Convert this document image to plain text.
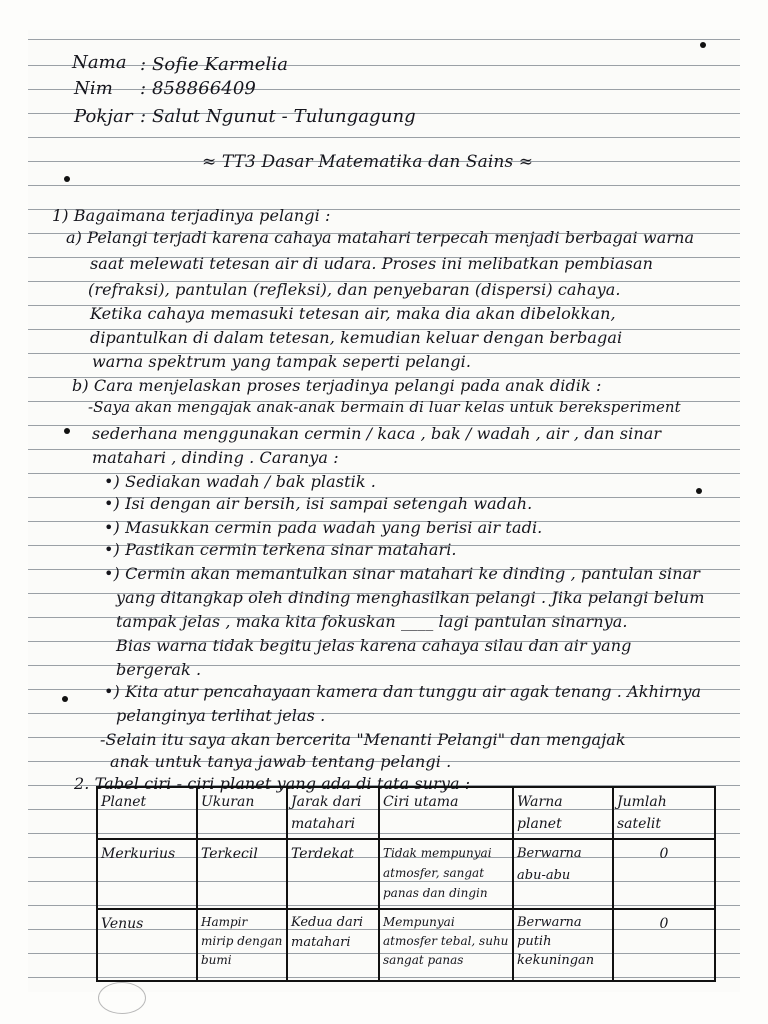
Nama : Sofie Karmelia
Nim : 858866409
Pokjar : Salut Ngunut - Tulungagung
≈ TT3 Dasar Matematika dan Sains ≈
1) Bagaimana terjadinya pelangi :
a) Pelangi terjadi karena cahaya matahari terpecah menjadi berbagai warna
saat melewati tetesan air di udara. Proses ini melibatkan pembiasan
(refraksi), pantulan (refleksi), dan penyebaran (dispersi) cahaya.
Ketika cahaya memasuki tetesan air, maka dia akan dibelokkan,
dipantulkan di dalam tetesan, kemudian keluar dengan berbagai
warna spektrum yang tampak seperti pelangi.
b) Cara menjelaskan proses terjadinya pelangi pada anak didik :
-Saya akan mengajak anak-anak bermain di luar kelas untuk bereksperiment
sederhana menggunakan cermin / kaca , bak / wadah , air , dan sinar
matahari , dinding . Caranya :
•) Sediakan wadah / bak plastik .
•) Isi dengan air bersih, isi sampai setengah wadah.
•) Masukkan cermin pada wadah yang berisi air tadi.
•) Pastikan cermin terkena sinar matahari.
•) Cermin akan memantulkan sinar matahari ke dinding , pantulan sinar
yang ditangkap oleh dinding menghasilkan pelangi . Jika pelangi belum
tampak jelas , maka kita fokuskan ____ lagi pantulan sinarnya.
Bias warna tidak begitu jelas karena cahaya silau dan air yang
bergerak .
•) Kita atur pencahayaan kamera dan tunggu air agak tenang . Akhirnya
pelanginya terlihat jelas .
-Selain itu saya akan bercerita "Menanti Pelangi" dan mengajak
anak untuk tanya jawab tentang pelangi .
2. Tabel ciri - ciri planet yang ada di tata surya :
Planet	Ukuran	Jarak dari matahari	Ciri utama	Warna planet	Jumlah satelit
Merkurius	Terkecil	Terdekat	Tidak mempunyai atmosfer, sangat panas dan dingin	Berwarna abu-abu	0
Venus	Hampir mirip dengan bumi	Kedua dari matahari	Mempunyai atmosfer tebal, suhu sangat panas	Berwarna putih kekuningan	0
